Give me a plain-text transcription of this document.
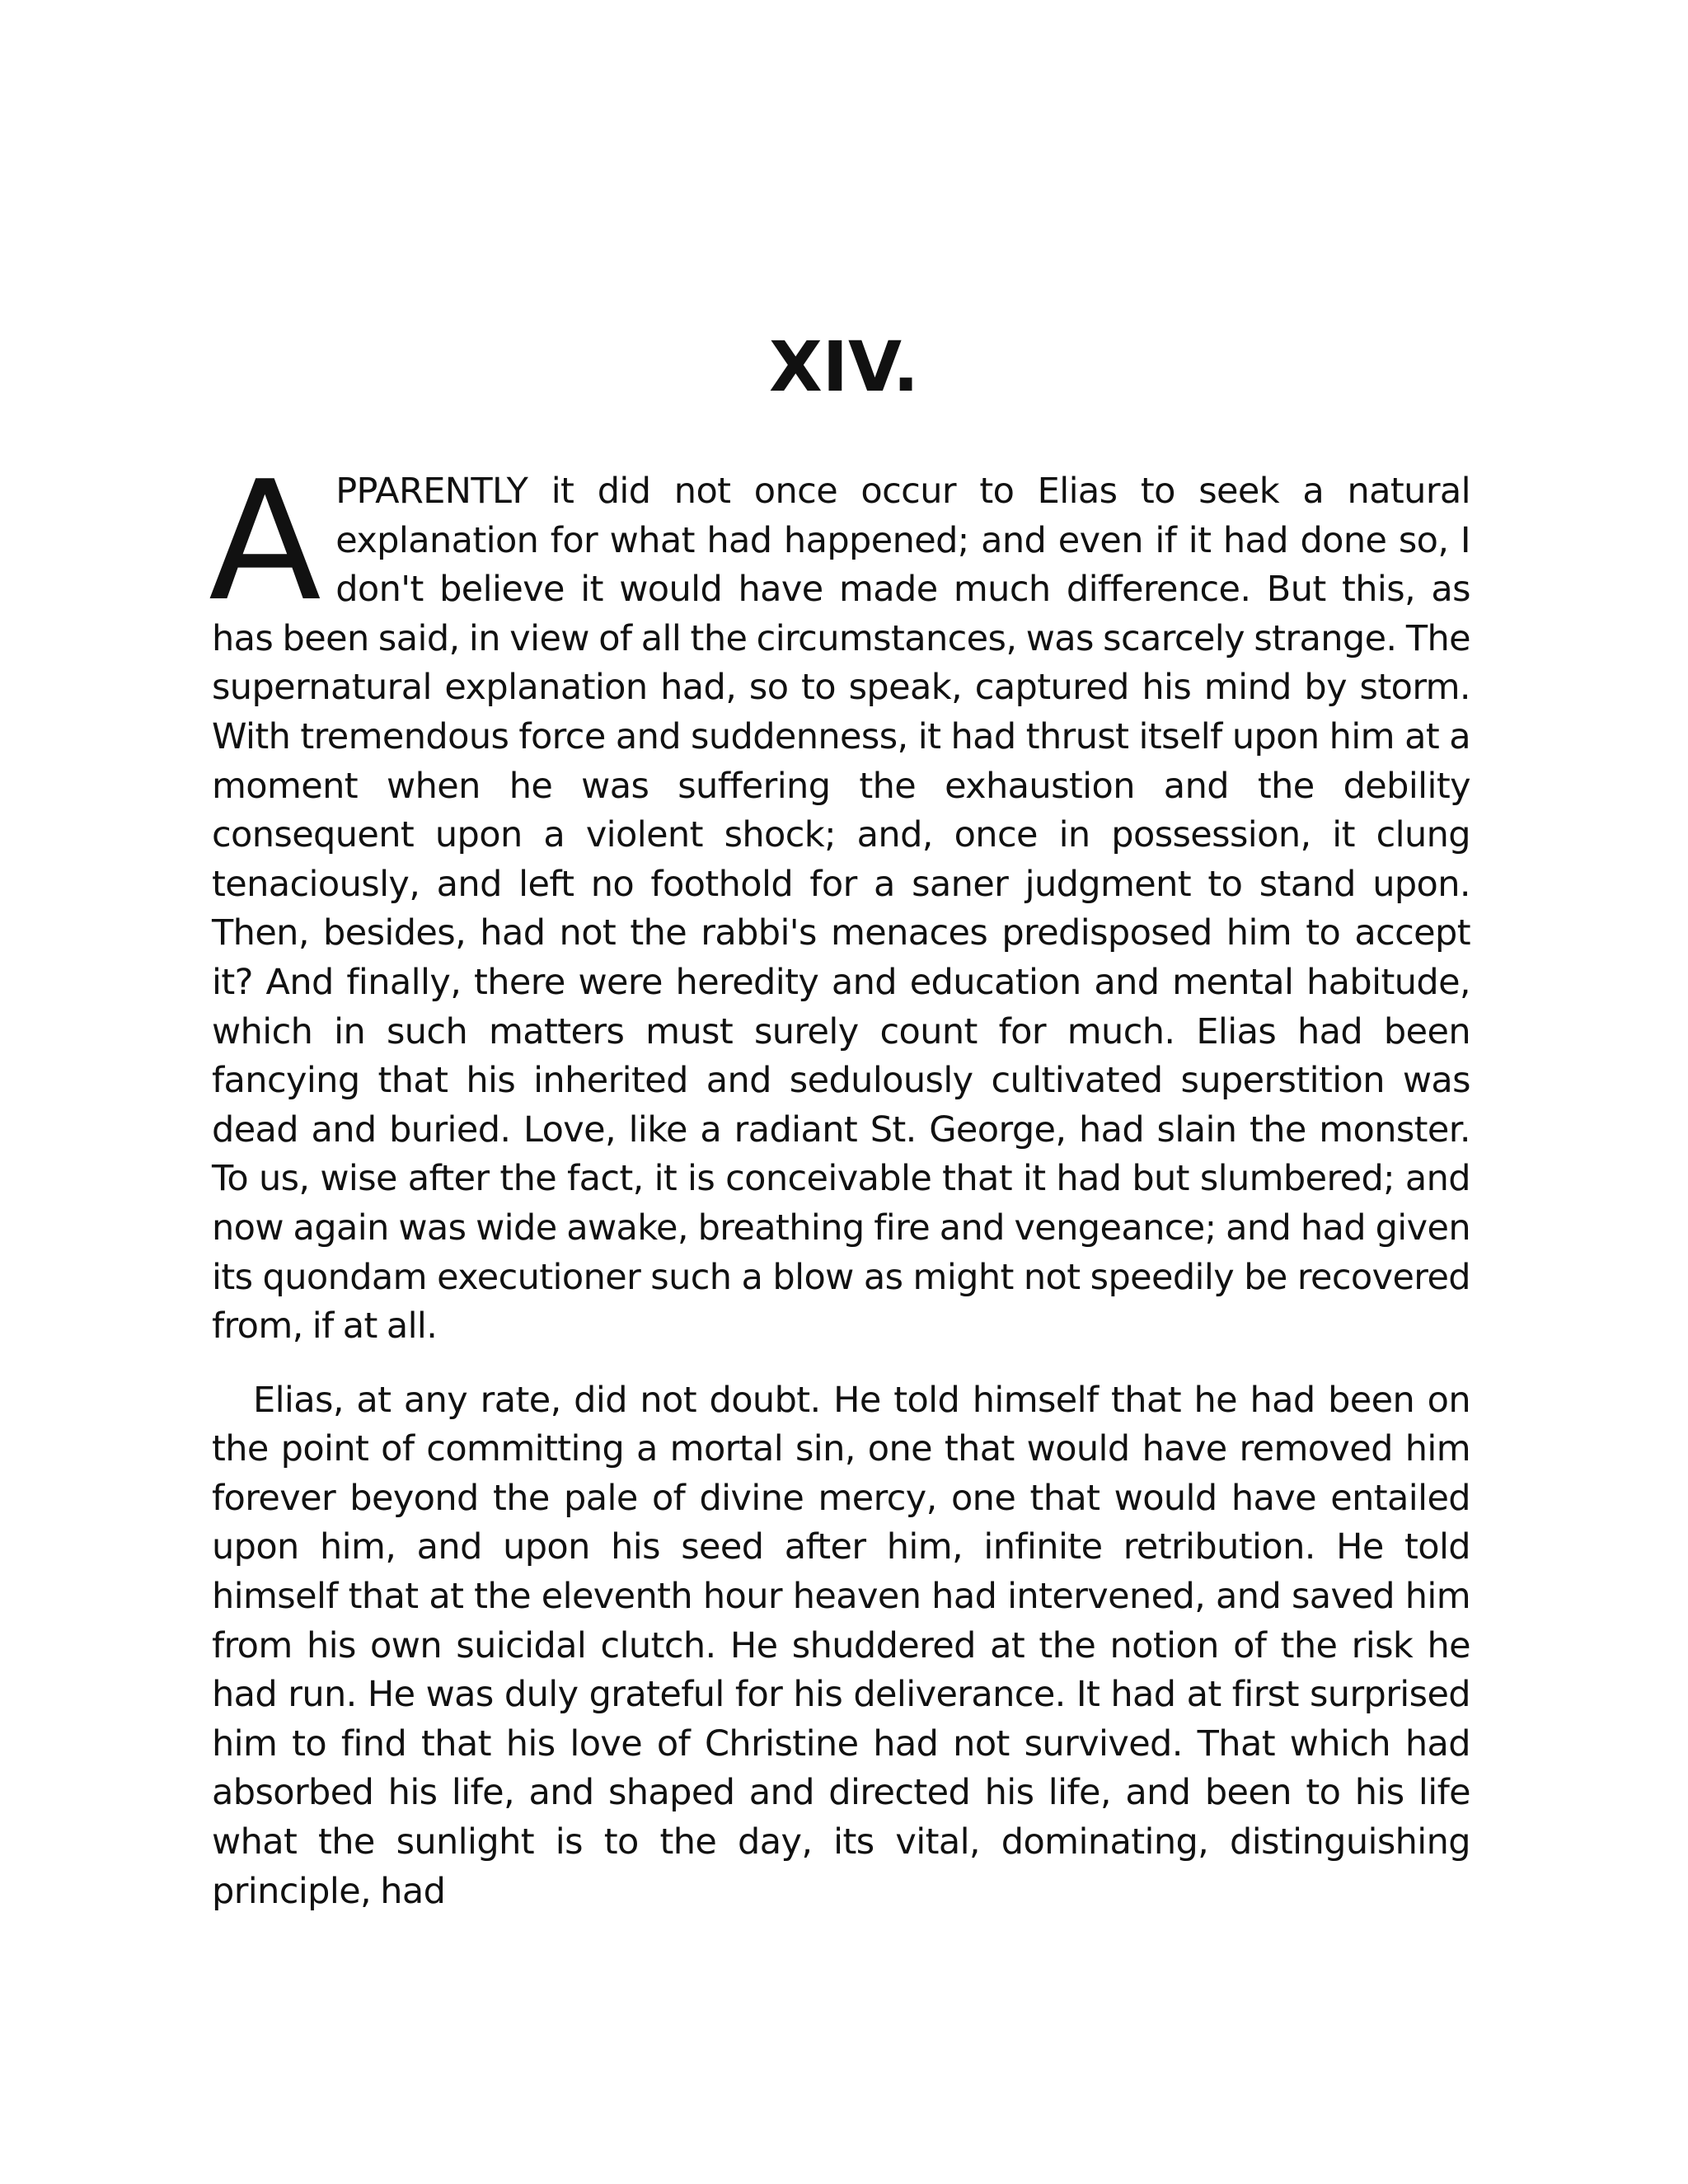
XIV.

APPARENTLY it did not once occur to Elias to seek a natural explanation for what had happened; and even if it had done so, I don't believe it would have made much difference. But this, as has been said, in view of all the circumstances, was scarcely strange. The supernatural explanation had, so to speak, captured his mind by storm. With tremendous force and suddenness, it had thrust itself upon him at a moment when he was suffering the exhaustion and the debility consequent upon a violent shock; and, once in possession, it clung tenaciously, and left no foothold for a saner judgment to stand upon. Then, besides, had not the rabbi's menaces predisposed him to accept it? And finally, there were heredity and education and mental habitude, which in such matters must surely count for much. Elias had been fancying that his inherited and sedulously cultivated superstition was dead and buried. Love, like a radiant St. George, had slain the monster. To us, wise after the fact, it is conceivable that it had but slumbered; and now again was wide awake, breathing fire and vengeance; and had given its quondam executioner such a blow as might not speedily be recovered from, if at all.

Elias, at any rate, did not doubt. He told himself that he had been on the point of committing a mortal sin, one that would have removed him forever beyond the pale of divine mercy, one that would have entailed upon him, and upon his seed after him, infinite retribution. He told himself that at the eleventh hour heaven had intervened, and saved him from his own suicidal clutch. He shuddered at the notion of the risk he had run. He was duly grateful for his deliverance. It had at first surprised him to find that his love of Christine had not survived. That which had absorbed his life, and shaped and directed his life, and been to his life what the sunlight is to the day, its vital, dominating, distinguishing principle, had
